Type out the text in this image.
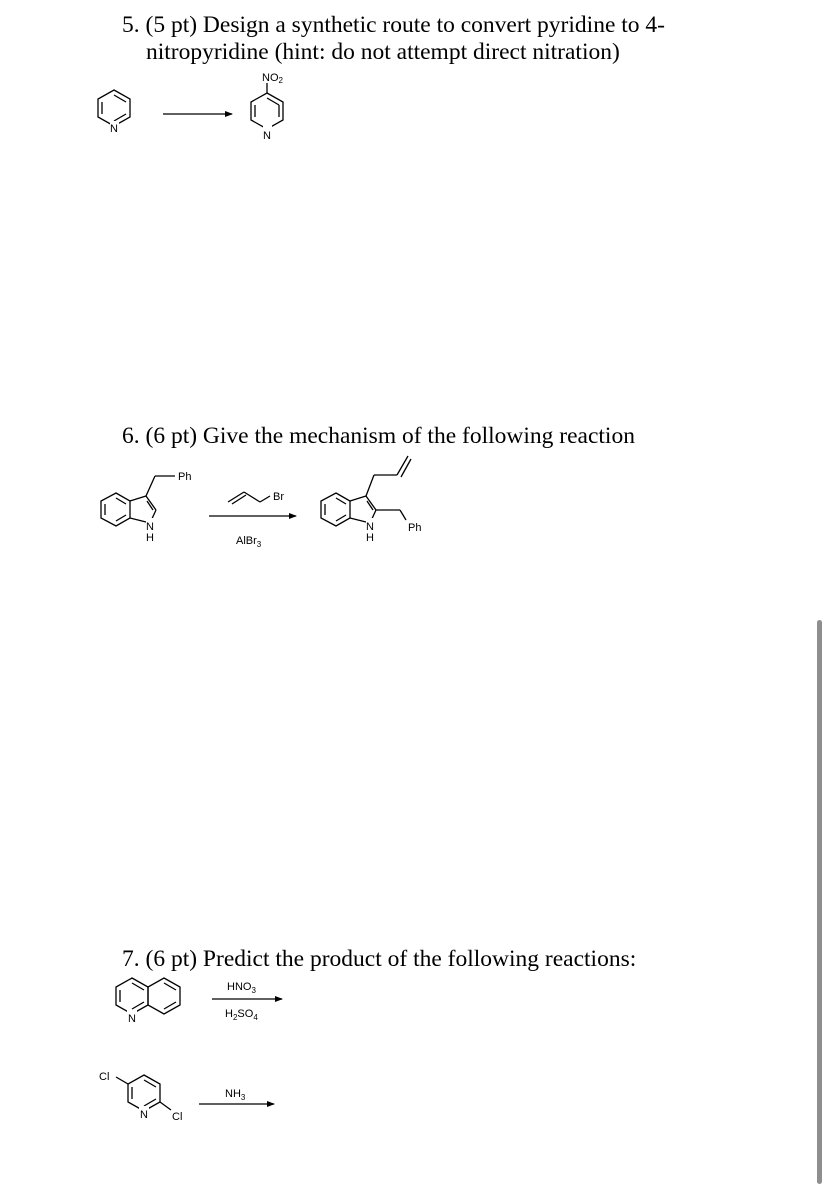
5. (5 pt) Design a synthetic route to convert pyridine to 4-
nitropyridine (hint: do not attempt direct nitration)
6. (6 pt) Give the mechanism of the following reaction
7. (6 pt) Predict the product of the following reactions:
N
N
NO2
Ph
N
H
Br
AlBr$_3$
N
H
Ph
N
$HNO_3$
$H_2SO_4$
N
Cl
Cl
$NH_3$
